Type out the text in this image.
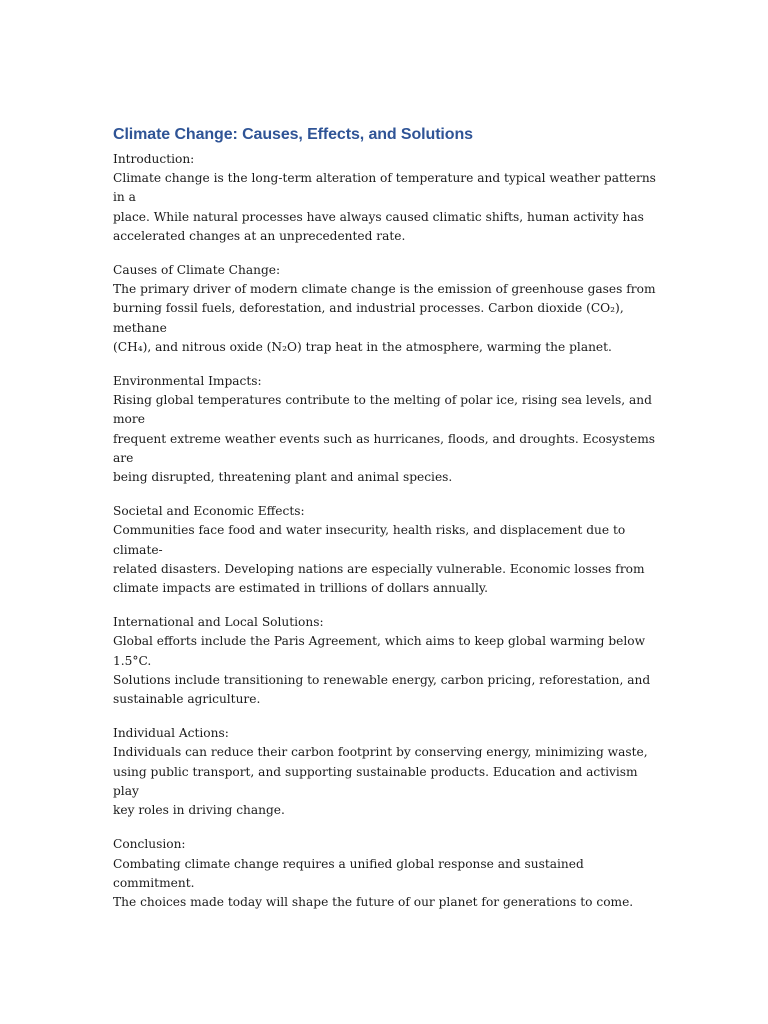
Climate Change: Causes, Effects, and Solutions

Introduction:

Climate change is the long-term alteration of temperature and typical weather patterns in a

place. While natural processes have always caused climatic shifts, human activity has

accelerated changes at an unprecedented rate.

Causes of Climate Change:

The primary driver of modern climate change is the emission of greenhouse gases from

burning fossil fuels, deforestation, and industrial processes. Carbon dioxide (CO₂), methane

(CH₄), and nitrous oxide (N₂O) trap heat in the atmosphere, warming the planet.

Environmental Impacts:

Rising global temperatures contribute to the melting of polar ice, rising sea levels, and more

frequent extreme weather events such as hurricanes, floods, and droughts. Ecosystems are

being disrupted, threatening plant and animal species.

Societal and Economic Effects:

Communities face food and water insecurity, health risks, and displacement due to climate-

related disasters. Developing nations are especially vulnerable. Economic losses from

climate impacts are estimated in trillions of dollars annually.

International and Local Solutions:

Global efforts include the Paris Agreement, which aims to keep global warming below 1.5°C.

Solutions include transitioning to renewable energy, carbon pricing, reforestation, and

sustainable agriculture.

Individual Actions:

Individuals can reduce their carbon footprint by conserving energy, minimizing waste,

using public transport, and supporting sustainable products. Education and activism play

key roles in driving change.

Conclusion:

Combating climate change requires a unified global response and sustained commitment.

The choices made today will shape the future of our planet for generations to come.
